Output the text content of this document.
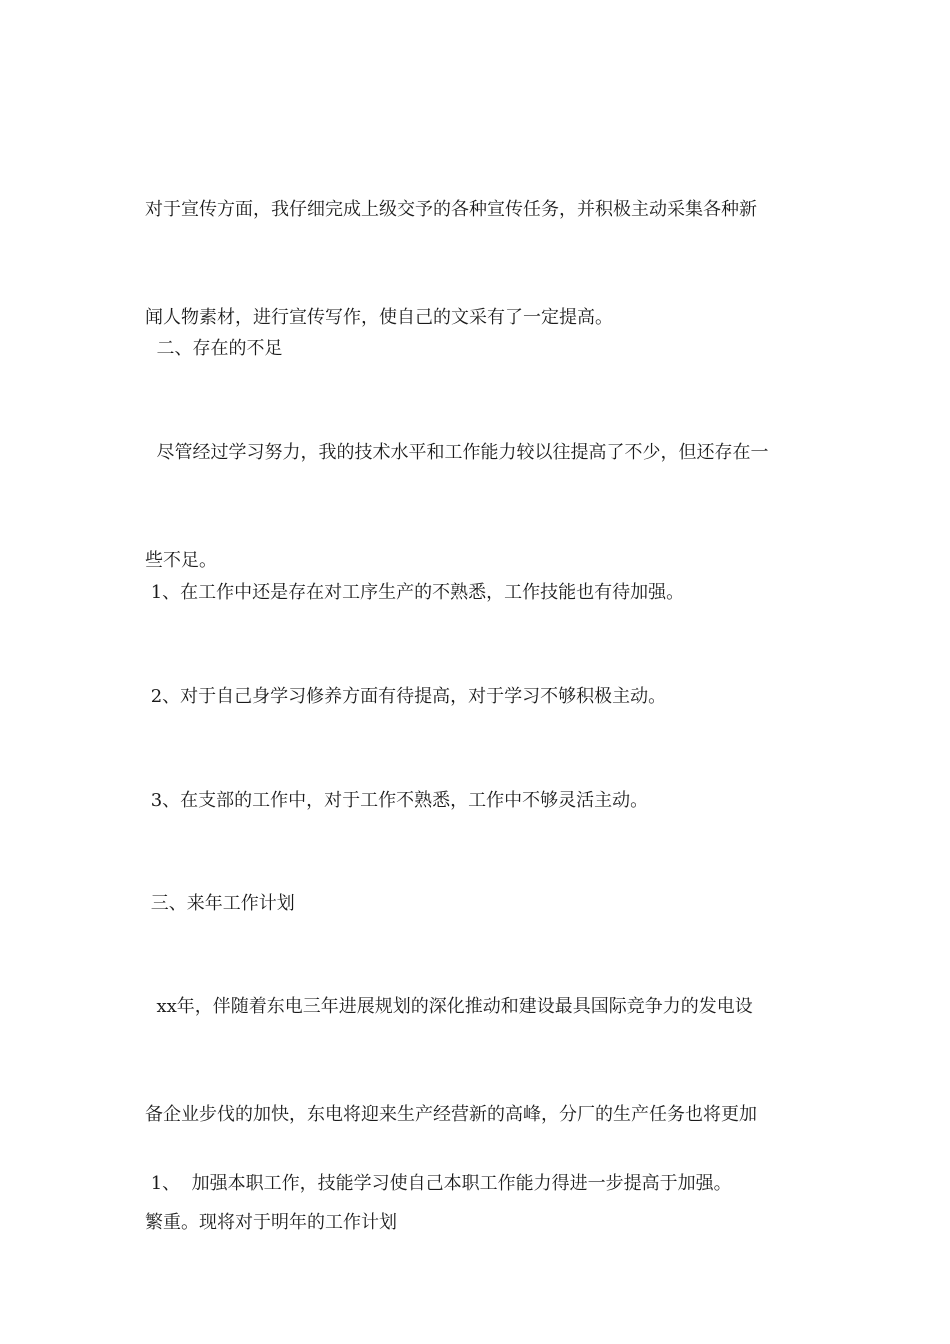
对于宣传方面，我仔细完成上级交予的各种宣传任务，并积极主动采集各种新

闻人物素材，进行宣传写作，使自己的文采有了一定提高。

二、存在的不足

尽管经过学习努力，我的技术水平和工作能力较以往提高了不少，但还存在一

些不足。

1、在工作中还是存在对工序生产的不熟悉，工作技能也有待加强。

2、对于自己身学习修养方面有待提高，对于学习不够积极主动。

3、在支部的工作中，对于工作不熟悉，工作中不够灵活主动。

三、来年工作计划

xx年，伴随着东电三年进展规划的深化推动和建设最具国际竞争力的发电设

备企业步伐的加快，东电将迎来生产经营新的高峰，分厂的生产任务也将更加

繁重。现将对于明年的工作计划

1、  加强本职工作，技能学习使自己本职工作能力得进一步提高于加强。
